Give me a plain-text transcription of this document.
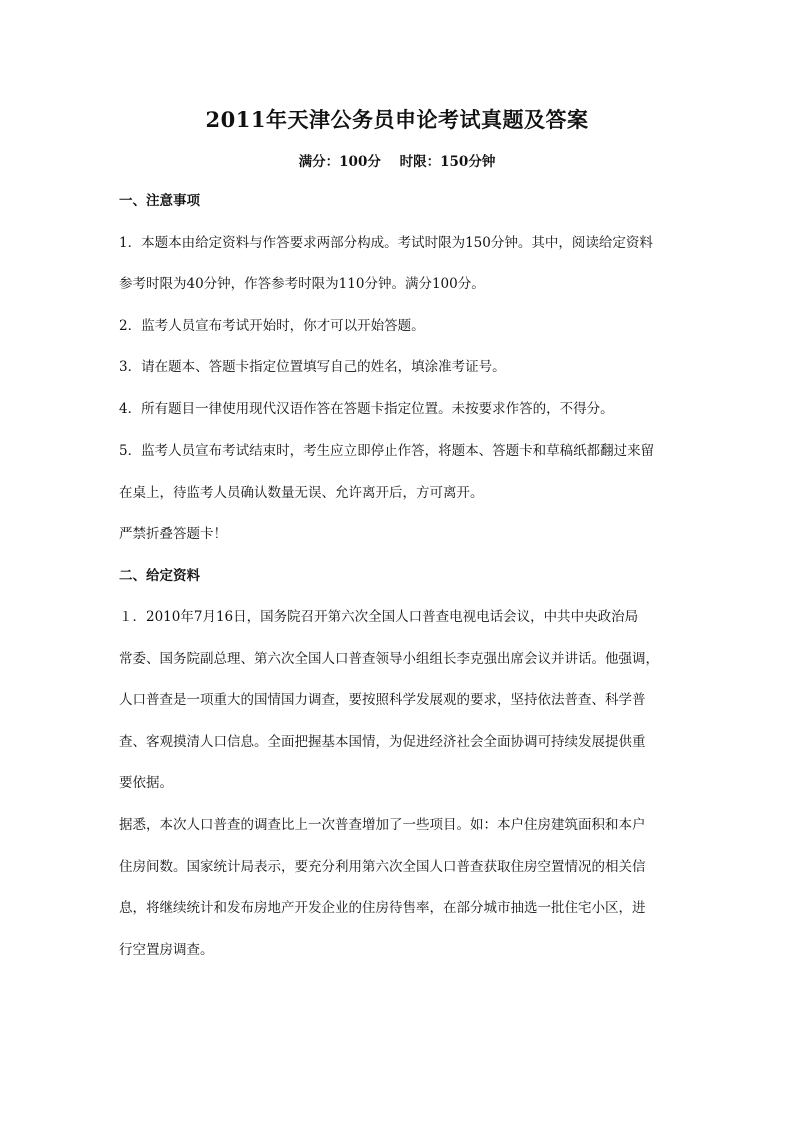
2011年天津公务员申论考试真题及答案
满分：100分    时限：150分钟
一、注意事项
1．本题本由给定资料与作答要求两部分构成。考试时限为150分钟。其中，阅读给定资料
参考时限为40分钟，作答参考时限为110分钟。满分100分。
2．监考人员宣布考试开始时，你才可以开始答题。
3．请在题本、答题卡指定位置填写自己的姓名，填涂准考证号。
4．所有题目一律使用现代汉语作答在答题卡指定位置。未按要求作答的，不得分。
5．监考人员宣布考试结束时，考生应立即停止作答，将题本、答题卡和草稿纸都翻过来留
在桌上，待监考人员确认数量无误、允许离开后，方可离开。
严禁折叠答题卡！
二、给定资料
１．2010年7月16日，国务院召开第六次全国人口普查电视电话会议，中共中央政治局
常委、国务院副总理、第六次全国人口普查领导小组组长李克强出席会议并讲话。他强调，
人口普查是一项重大的国情国力调查，要按照科学发展观的要求，坚持依法普查、科学普
查、客观摸清人口信息。全面把握基本国情，为促进经济社会全面协调可持续发展提供重
要依据。
据悉，本次人口普查的调查比上一次普查增加了一些项目。如：本户住房建筑面积和本户
住房间数。国家统计局表示，要充分利用第六次全国人口普查获取住房空置情况的相关信
息，将继续统计和发布房地产开发企业的住房待售率，在部分城市抽选一批住宅小区，进
行空置房调查。
